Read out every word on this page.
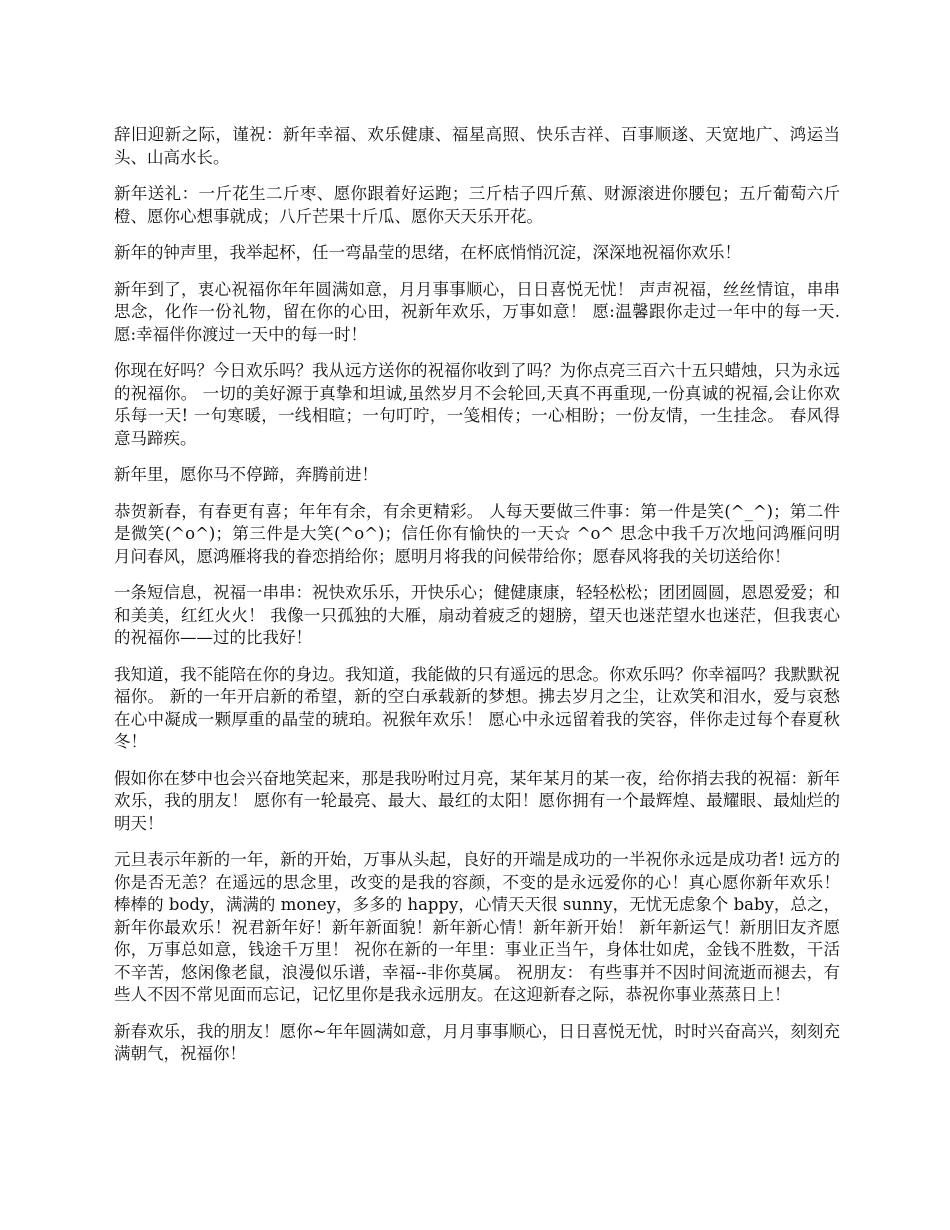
辞旧迎新之际，谨祝：新年幸福、欢乐健康、福星高照、快乐吉祥、百事顺遂、天宽地广、鸿运当头、山高水长。

新年送礼：一斤花生二斤枣、愿你跟着好运跑；三斤桔子四斤蕉、财源滚进你腰包；五斤葡萄六斤橙、愿你心想事就成；八斤芒果十斤瓜、愿你天天乐开花。

新年的钟声里，我举起杯，任一弯晶莹的思绪，在杯底悄悄沉淀，深深地祝福你欢乐！

新年到了，衷心祝福你年年圆满如意，月月事事顺心，日日喜悦无忧！ 声声祝福，丝丝情谊，串串思念，化作一份礼物，留在你的心田，祝新年欢乐，万事如意！ 愿:温馨跟你走过一年中的每一天.愿:幸福伴你渡过一天中的每一时！

你现在好吗？今日欢乐吗？我从远方送你的祝福你收到了吗？为你点亮三百六十五只蜡烛，只为永远的祝福你。 一切的美好源于真挚和坦诚,虽然岁月不会轮回,天真不再重现,一份真诚的祝福,会让你欢乐每一天! 一句寒暖，一线相暄；一句叮咛，一笺相传；一心相盼；一份友情，一生挂念。 春风得意马蹄疾。

新年里，愿你马不停蹄，奔腾前进！

恭贺新春，有春更有喜；年年有余，有余更精彩。 人每天要做三件事：第一件是笑(^_^)；第二件是微笑(^o^)；第三件是大笑(^o^)；信任你有愉快的一天☆ ^o^ 思念中我千万次地问鸿雁问明月问春风，愿鸿雁将我的眷恋捎给你；愿明月将我的问候带给你；愿春风将我的关切送给你！

一条短信息，祝福一串串：祝快欢乐乐，开快乐心；健健康康，轻轻松松；团团圆圆，恩恩爱爱；和和美美，红红火火！ 我像一只孤独的大雁，扇动着疲乏的翅膀，望天也迷茫望水也迷茫，但我衷心的祝福你——过的比我好！

我知道，我不能陪在你的身边。我知道，我能做的只有遥远的思念。你欢乐吗？你幸福吗？我默默祝福你。 新的一年开启新的希望，新的空白承载新的梦想。拂去岁月之尘，让欢笑和泪水，爱与哀愁在心中凝成一颗厚重的晶莹的琥珀。祝猴年欢乐！ 愿心中永远留着我的笑容，伴你走过每个春夏秋冬！

假如你在梦中也会兴奋地笑起来，那是我吩咐过月亮，某年某月的某一夜，给你捎去我的祝福：新年欢乐，我的朋友！ 愿你有一轮最亮、最大、最红的太阳！愿你拥有一个最辉煌、最耀眼、最灿烂的明天！

元旦表示年新的一年，新的开始，万事从头起，良好的开端是成功的一半祝你永远是成功者! 远方的你是否无恙？在遥远的思念里，改变的是我的容颜，不变的是永远爱你的心！真心愿你新年欢乐！ 棒棒的 body，满满的 money，多多的 happy，心情天天很 sunny，无忧无虑象个 baby，总之，新年你最欢乐！祝君新年好！新年新面貌！新年新心情！新年新开始！ 新年新运气！新朋旧友齐愿你，万事总如意，钱途千万里！ 祝你在新的一年里：事业正当午，身体壮如虎，金钱不胜数，干活不辛苦，悠闲像老鼠，浪漫似乐谱，幸福--非你莫属。 祝朋友： 有些事并不因时间流逝而褪去，有些人不因不常见面而忘记，记忆里你是我永远朋友。在这迎新春之际，恭祝你事业蒸蒸日上！

新春欢乐，我的朋友！愿你~年年圆满如意，月月事事顺心，日日喜悦无忧，时时兴奋高兴，刻刻充满朝气，祝福你！
